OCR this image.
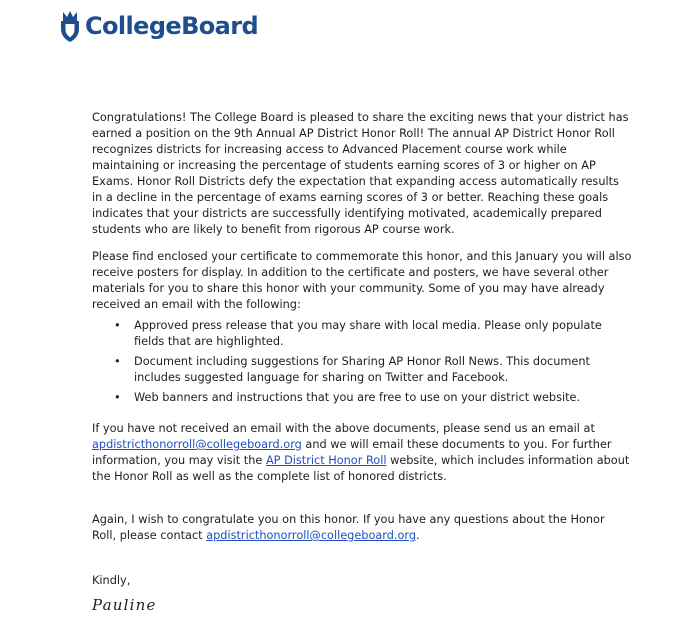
CollegeBoard

Congratulations! The College Board is pleased to share the exciting news that your district has earned a position on the 9th Annual AP District Honor Roll! The annual AP District Honor Roll recognizes districts for increasing access to Advanced Placement course work while maintaining or increasing the percentage of students earning scores of 3 or higher on AP Exams. Honor Roll Districts defy the expectation that expanding access automatically results in a decline in the percentage of exams earning scores of 3 or better. Reaching these goals indicates that your districts are successfully identifying motivated, academically prepared students who are likely to benefit from rigorous AP course work.

Please find enclosed your certificate to commemorate this honor, and this January you will also receive posters for display. In addition to the certificate and posters, we have several other materials for you to share this honor with your community. Some of you may have already received an email with the following:

• Approved press release that you may share with local media. Please only populate fields that are highlighted.
• Document including suggestions for Sharing AP Honor Roll News. This document includes suggested language for sharing on Twitter and Facebook.
• Web banners and instructions that you are free to use on your district website.

If you have not received an email with the above documents, please send us an email at apdistricthonorroll@collegeboard.org and we will email these documents to you. For further information, you may visit the AP District Honor Roll website, which includes information about the Honor Roll as well as the complete list of honored districts.

Again, I wish to congratulate you on this honor. If you have any questions about the Honor Roll, please contact apdistricthonorroll@collegeboard.org.

Kindly,
Pauline
